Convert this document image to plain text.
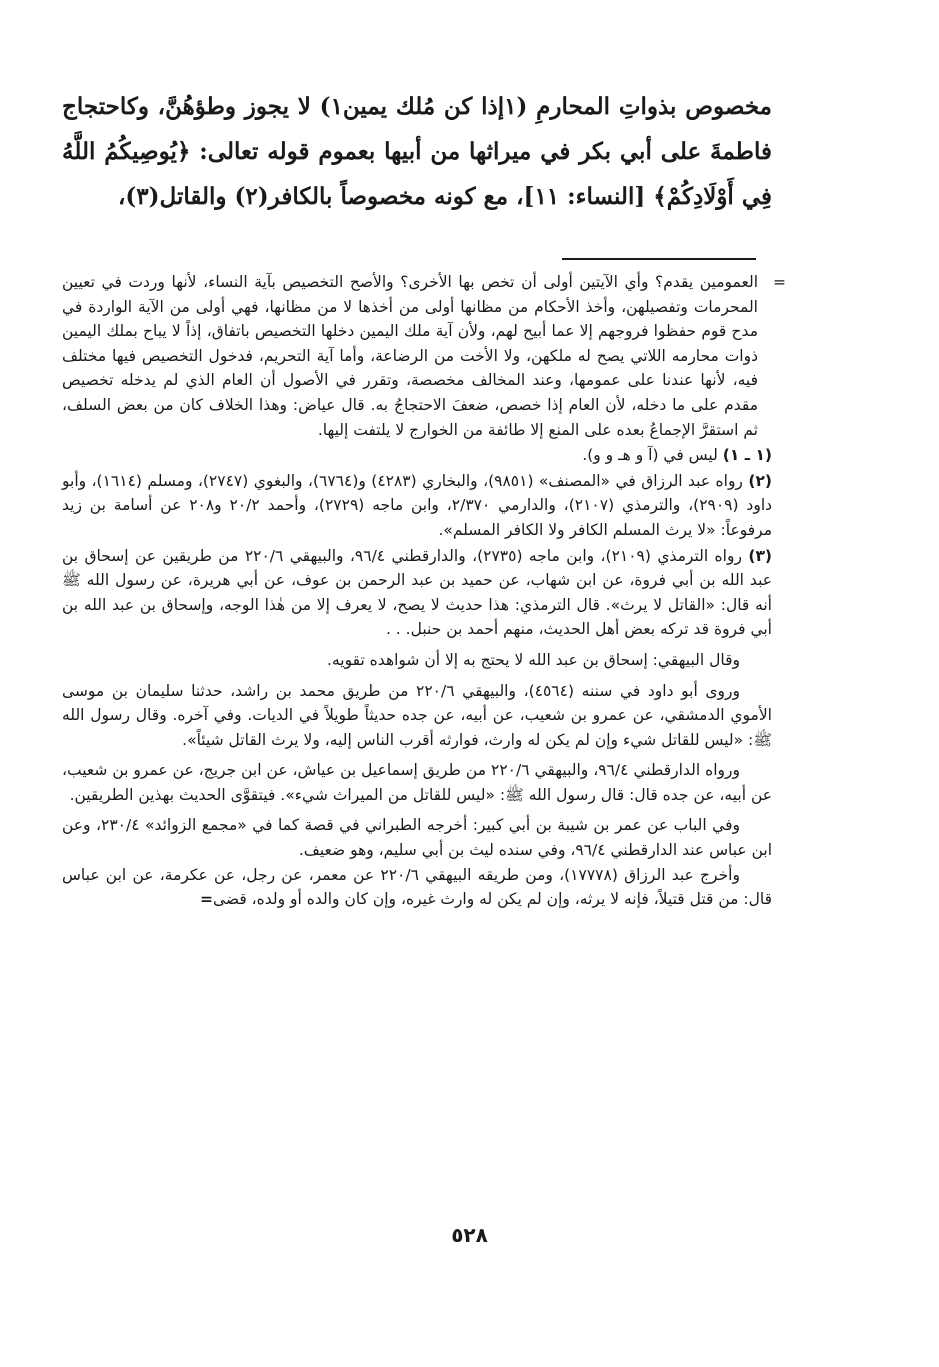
مخصوص بذواتِ المحارمِ (١إذا كن مُلك يمين١) لا يجوز وطؤهُنَّ، وكاحتجاج فاطمةَ على أبي بكر في ميراثها من أبيها بعموم قوله تعالى: ﴿يُوصِيكُمُ اللَّهُ فِي أَوْلَادِكُمْ﴾ [النساء: ١١]، مع كونه مخصوصاً بالكافر(٢) والقاتل(٣)،

=
العمومين يقدم؟ وأي الآيتين أولى أن تخص بها الأخرى؟ والأصح التخصيص بآية النساء، لأنها وردت في تعيين المحرمات وتفصيلهن، وأخذ الأحكام من مظانها أولى من أخذها لا من مظانها، فهي أولى من الآية الواردة في مدح قوم حفظوا فروجهم إلا عما أبيح لهم، ولأن آية ملك اليمين دخلها التخصيص باتفاق، إذاً لا يباح بملك اليمين ذوات محارمه اللاتي يصح له ملكهن، ولا الأخت من الرضاعة، وأما آية التحريم، فدخول التخصيص فيها مختلف فيه، لأنها عندنا على عمومها، وعند المخالف مخصصة، وتقرر في الأصول أن العام الذي لم يدخله تخصيص مقدم على ما دخله، لأن العام إذا خصص، ضعفَ الاحتجاجُ به. قال عياض: وهذا الخلاف كان من بعض السلف، ثم استقرَّ الإجماعُ بعده على المنع إلا طائفة من الخوارج لا يلتفت إليها.

(١ ـ ١) ليس في (آ و هـ و و).

(٢) رواه عبد الرزاق في «المصنف» (٩٨٥١)، والبخاري (٤٢٨٣) و(٦٧٦٤)، والبغوي (٢٧٤٧)، ومسلم (١٦١٤)، وأبو داود (٢٩٠٩)، والترمذي (٢١٠٧)، والدارمي ٢/٣٧٠، وابن ماجه (٢٧٢٩)، وأحمد ٢٠/٢ و٢٠٨ عن أسامة بن زيد مرفوعاً: «لا يرث المسلم الكافر ولا الكافر المسلم».

(٣) رواه الترمذي (٢١٠٩)، وابن ماجه (٢٧٣٥)، والدارقطني ٩٦/٤، والبيهقي ٢٢٠/٦ من طريقين عن إسحاق بن عبد الله بن أبي فروة، عن ابن شهاب، عن حميد بن عبد الرحمن بن عوف، عن أبي هريرة، عن رسول الله ﷺ أنه قال: «القاتل لا يرث». قال الترمذي: هذا حديث لا يصح، لا يعرف إلا من هٰذا الوجه، وإسحاق بن عبد الله بن أبي فروة قد تركه بعض أهل الحديث، منهم أحمد بن حنبل. . .

وقال البيهقي: إسحاق بن عبد الله لا يحتج به إلا أن شواهده تقويه.

وروى أبو داود في سننه (٤٥٦٤)، والبيهقي ٢٢٠/٦ من طريق محمد بن راشد، حدثنا سليمان بن موسى الأموي الدمشقي، عن عمرو بن شعيب، عن أبيه، عن جده حديثاً طويلاً في الديات. وفي آخره. وقال رسول الله ﷺ: «ليس للقاتل شيء وإن لم يكن له وارث، فوارثه أقرب الناس إليه، ولا يرث القاتل شيئاً».

ورواه الدارقطني ٩٦/٤، والبيهقي ٢٢٠/٦ من طريق إسماعيل بن عياش، عن ابن جريج، عن عمرو بن شعيب، عن أبيه، عن جده قال: قال رسول الله ﷺ: «ليس للقاتل من الميراث شيء». فيتقوَّى الحديث بهذين الطريقين.

وفي الباب عن عمر بن شيبة بن أبي كبير: أخرجه الطبراني في قصة كما في «مجمع الزوائد» ٢٣٠/٤، وعن ابن عباس عند الدارقطني ٩٦/٤، وفي سنده ليث بن أبي سليم، وهو ضعيف.

وأخرج عبد الرزاق (١٧٧٧٨)، ومن طريقه البيهقي ٢٢٠/٦ عن معمر، عن رجل، عن عكرمة، عن ابن عباس قال: من قتل قتيلاً، فإنه لا يرثه، وإن لم يكن له وارث غيره، وإن كان والده أو ولده، قضى=

٥٢٨
